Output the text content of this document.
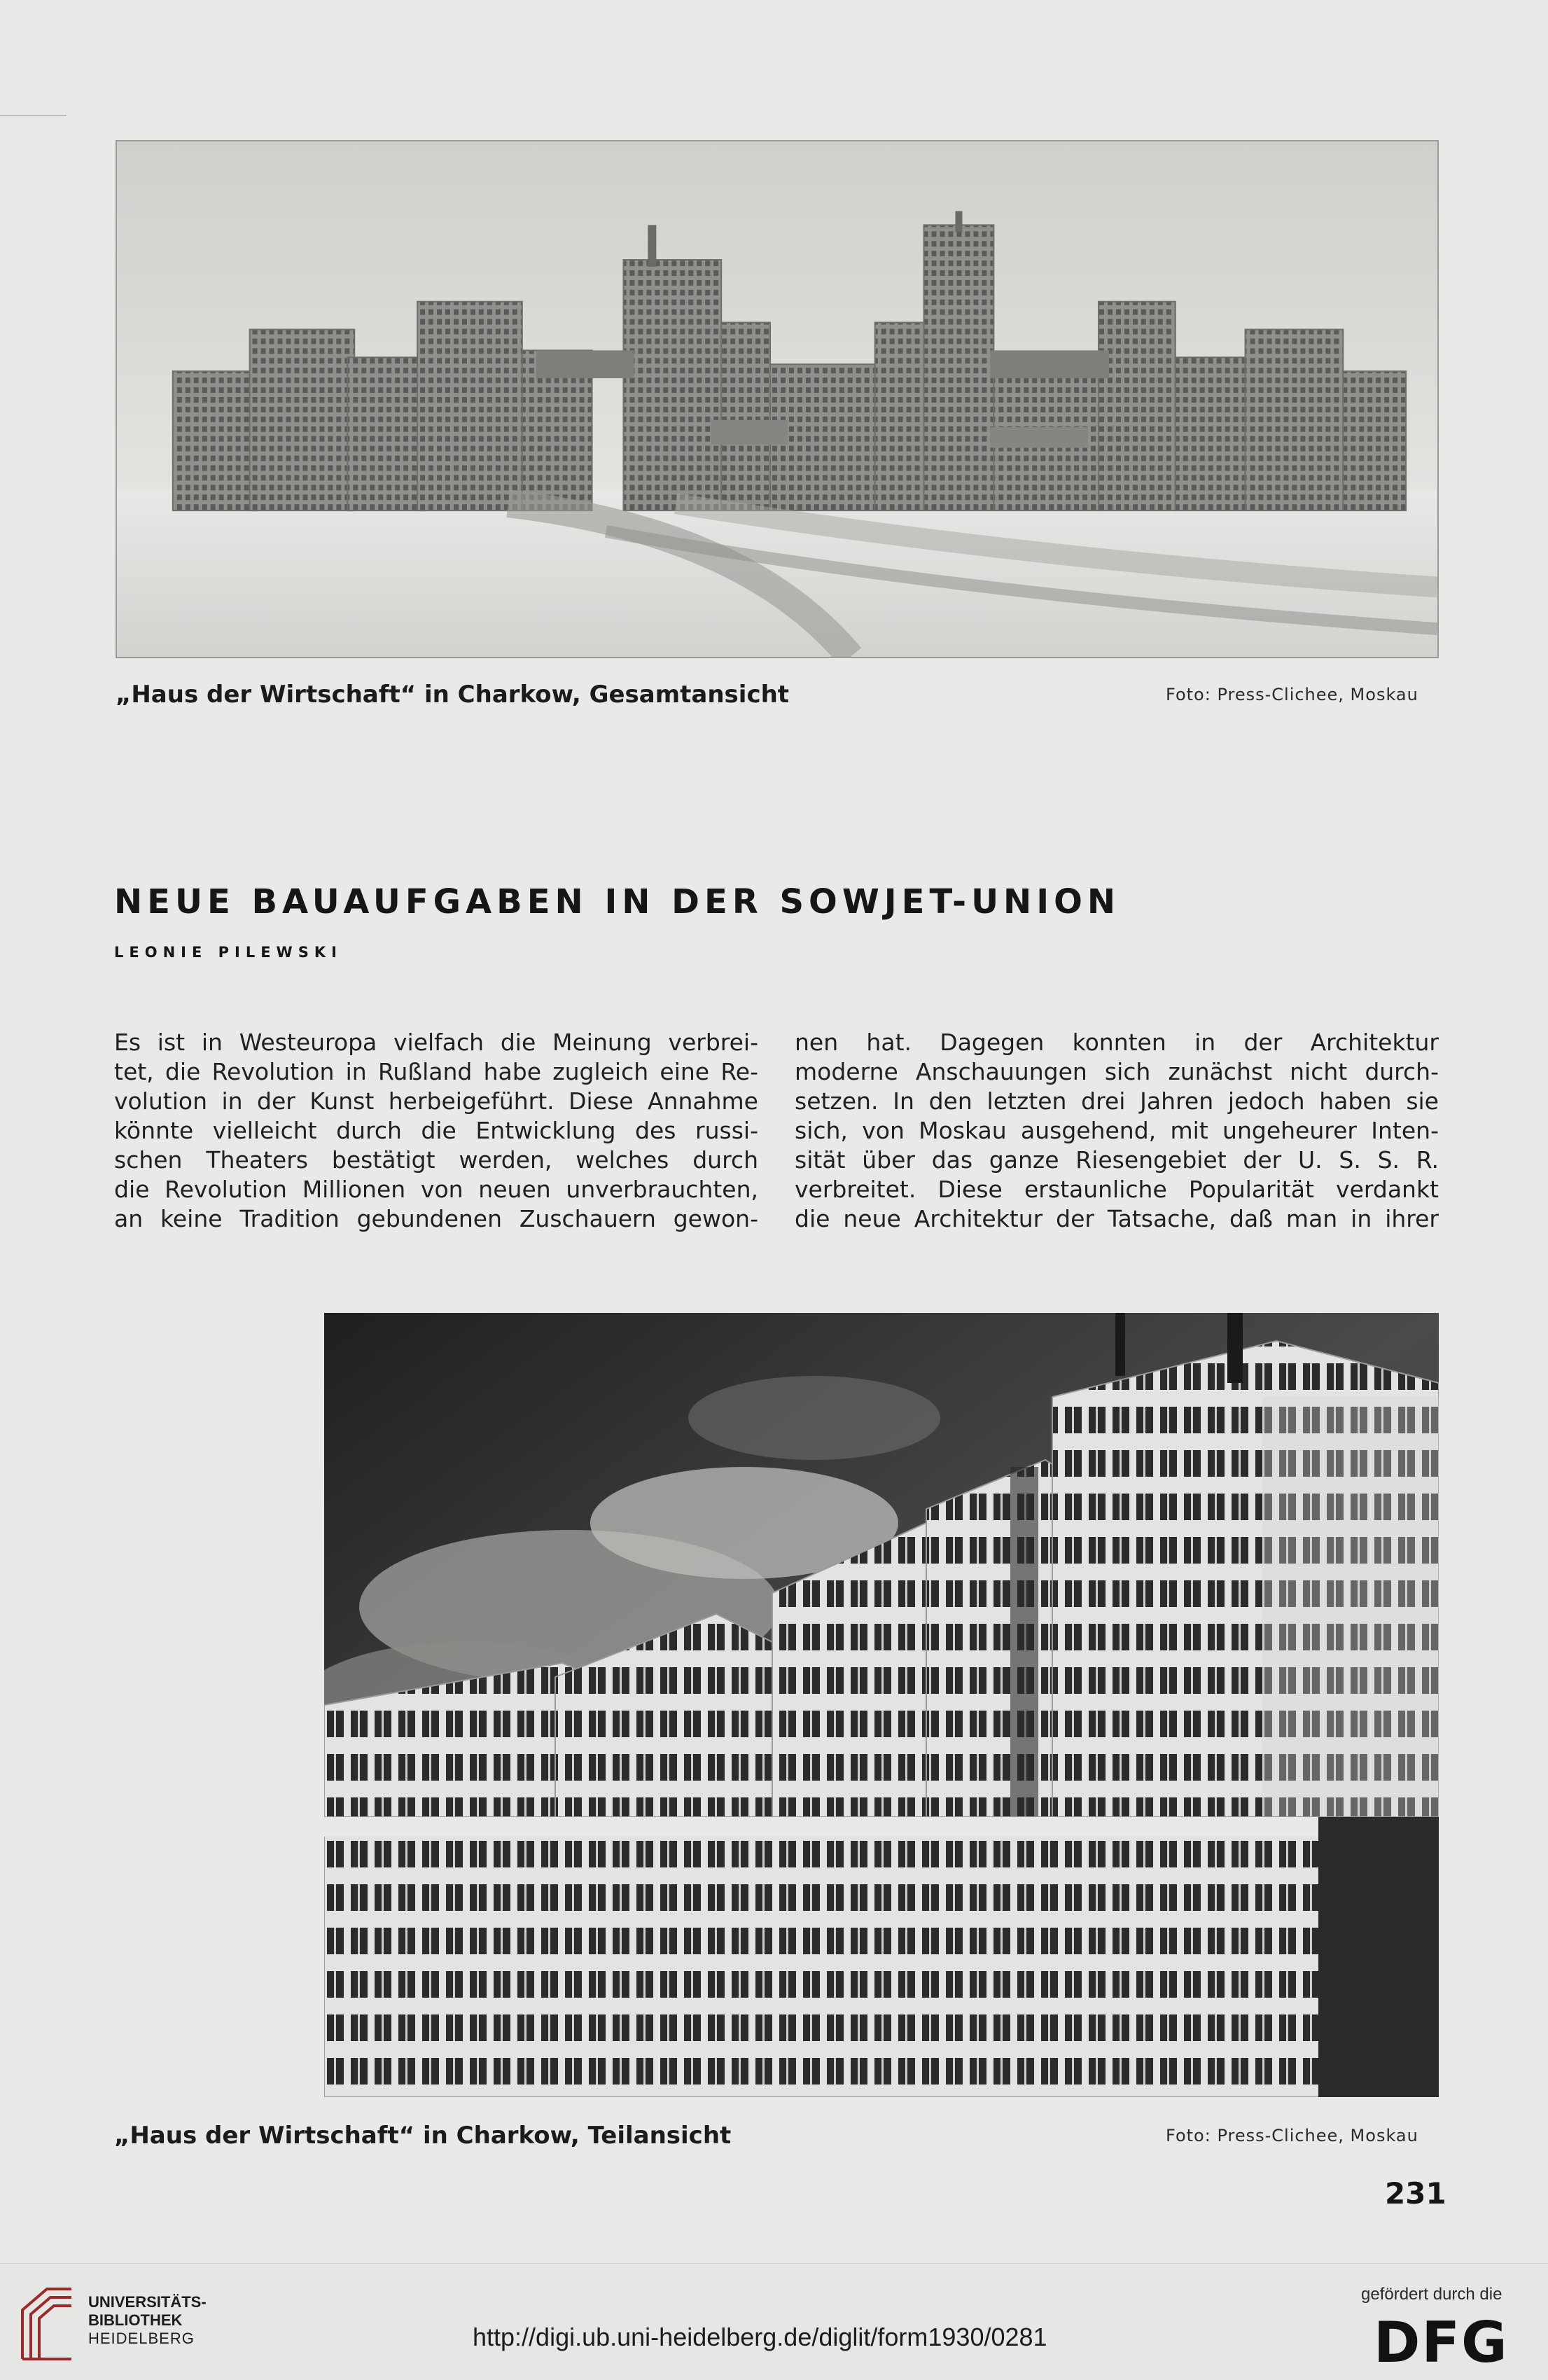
„Haus der Wirtschaft“ in Charkow, Gesamtansicht	Foto: Press-Clichee, Moskau
NEUE BAUAUFGABEN IN DER SOWJET-UNION
LEONIE PILEWSKI
Es ist in Westeuropa vielfach die Meinung verbrei-
tet, die Revolution in Rußland habe zugleich eine Re-
volution in der Kunst herbeigeführt. Diese Annahme
könnte vielleicht durch die Entwicklung des russi-
schen Theaters bestätigt werden, welches durch
die Revolution Millionen von neuen unverbrauchten,
an keine Tradition gebundenen Zuschauern gewon-
nen hat. Dagegen konnten in der Architektur
moderne Anschauungen sich zunächst nicht durch-
setzen. In den letzten drei Jahren jedoch haben sie
sich, von Moskau ausgehend, mit ungeheurer Inten-
sität über das ganze Riesengebiet der U. S. S. R.
verbreitet. Diese erstaunliche Popularität verdankt
die neue Architektur der Tatsache, daß man in ihrer
„Haus der Wirtschaft“ in Charkow, Teilansicht	Foto: Press-Clichee, Moskau
231
UNIVERSITÄTS-
BIBLIOTHEK
HEIDELBERG	http://digi.ub.uni-heidelberg.de/diglit/form1930/0281
gefördert durch die
DFG
